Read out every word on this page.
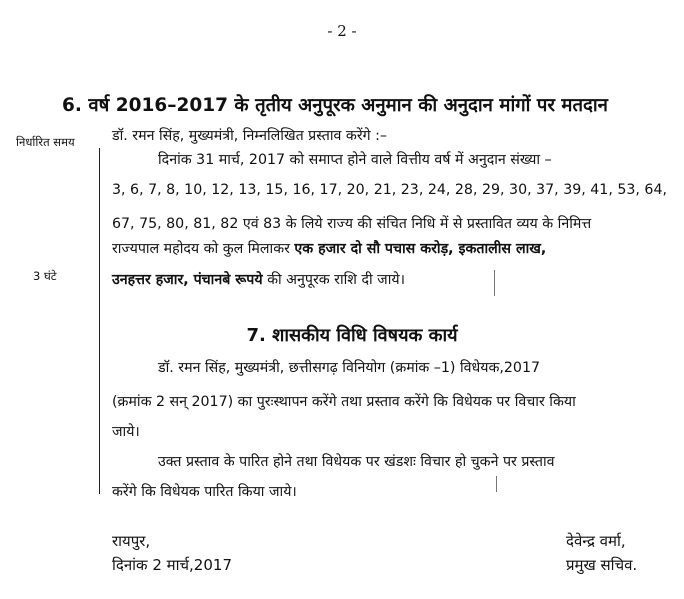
- 2 -
6. वर्ष 2016–2017 के तृतीय अनुपूरक अनुमान की अनुदान मांगों पर मतदान
निर्धारित समय
3 घंटे
डॉ. रमन सिंह, मुख्यमंत्री, निम्नलिखित प्रस्ताव करेंगे :–
दिनांक 31 मार्च, 2017 को समाप्त होने वाले वित्तीय वर्ष में अनुदान संख्या –
3, 6, 7, 8, 10, 12, 13, 15, 16, 17, 20, 21, 23, 24, 28, 29, 30, 37, 39, 41, 53, 64,
67, 75, 80, 81, 82 एवं 83 के लिये राज्य की संचित निधि में से प्रस्तावित व्यय के निमित्त
राज्यपाल महोदय को कुल मिलाकर एक हजार दो सौ पचास करोड़, इकतालीस लाख,
उनहत्तर हजार, पंचानबे रूपये की अनुपूरक राशि दी जाये।
7. शासकीय विधि विषयक कार्य
डॉ. रमन सिंह, मुख्यमंत्री, छत्तीसगढ़ विनियोग (क्रमांक –1) विधेयक,2017
(क्रमांक 2 सन् 2017) का पुरःस्थापन करेंगे तथा प्रस्ताव करेंगे कि विधेयक पर विचार किया
जाये।
उक्त प्रस्ताव के पारित होने तथा विधेयक पर खंडशः विचार हो चुकने पर प्रस्ताव
करेंगे कि विधेयक पारित किया जाये।
रायपुर,
दिनांक 2 मार्च,2017
देवेन्द्र वर्मा,
प्रमुख सचिव.
